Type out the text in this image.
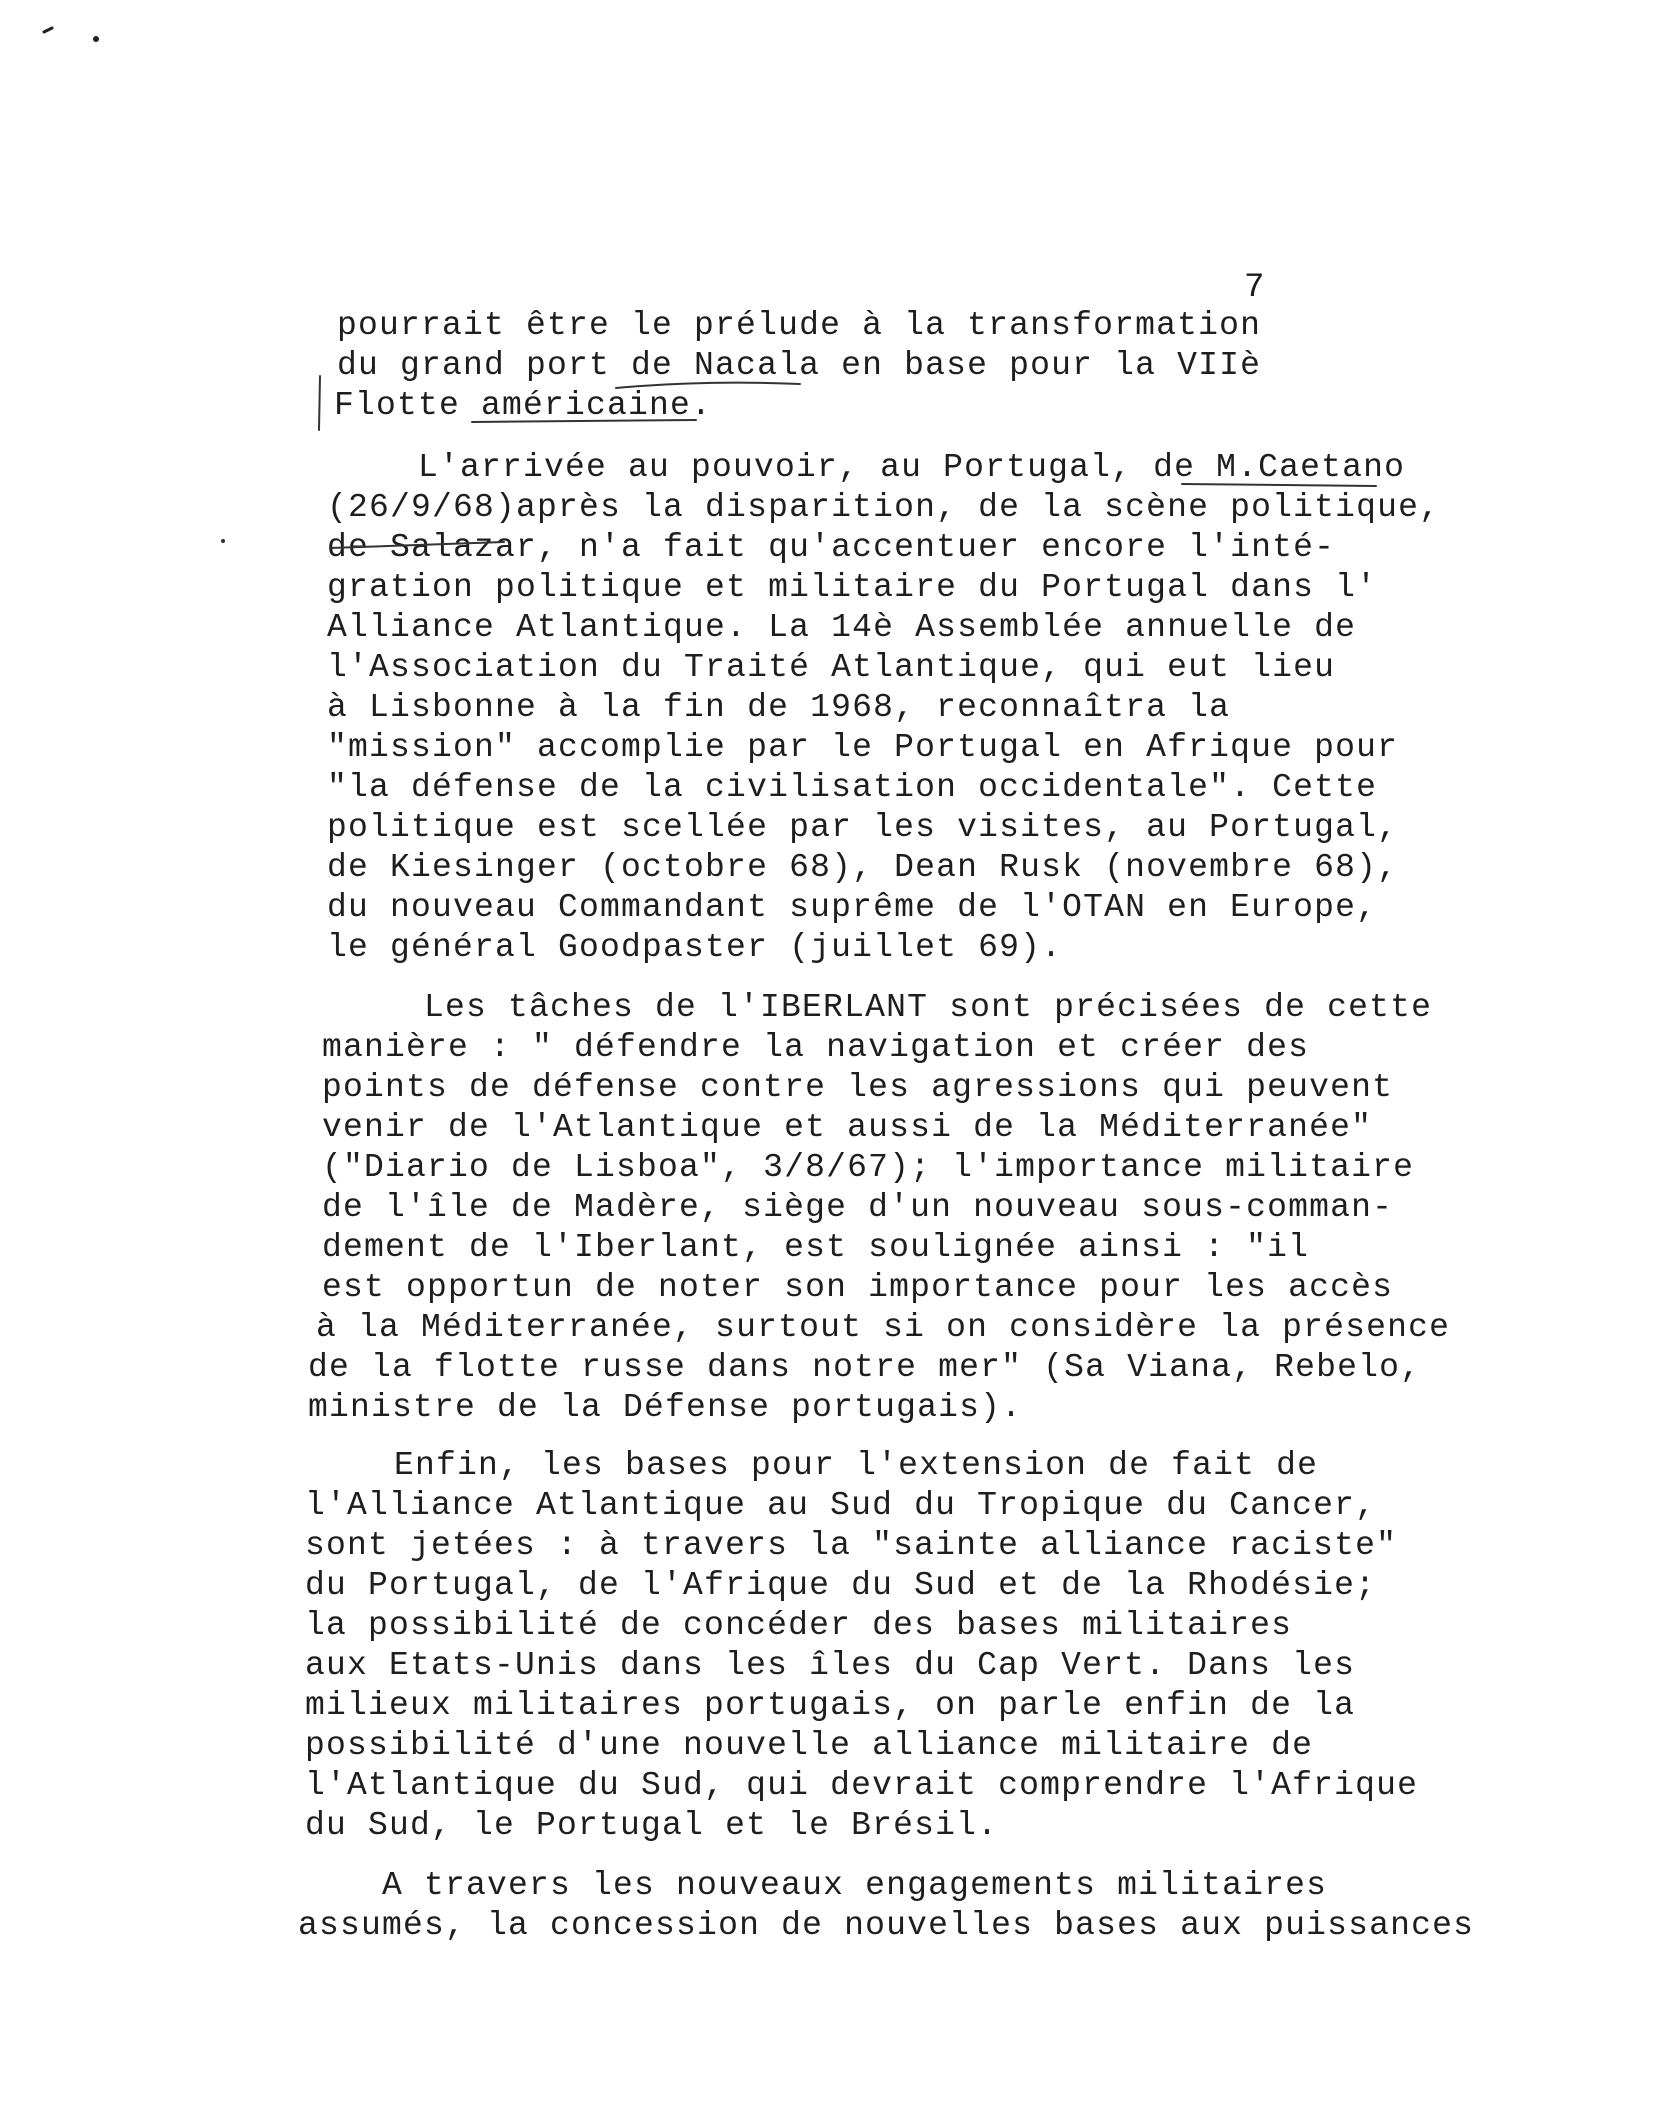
7
pourrait être le prélude à la transformation
du grand port de Nacala en base pour la VIIè
Flotte américaine.
L'arrivée au pouvoir, au Portugal, de M.Caetano
(26/9/68)après la disparition, de la scène politique,
de Salazar, n'a fait qu'accentuer encore l'inté-
gration politique et militaire du Portugal dans l'
Alliance Atlantique. La 14è Assemblée annuelle de
l'Association du Traité Atlantique, qui eut lieu
à Lisbonne à la fin de 1968, reconnaîtra la
"mission" accomplie par le Portugal en Afrique pour
"la défense de la civilisation occidentale". Cette
politique est scellée par les visites, au Portugal,
de Kiesinger (octobre 68), Dean Rusk (novembre 68),
du nouveau Commandant suprême de l'OTAN en Europe,
le général Goodpaster (juillet 69).
Les tâches de l'IBERLANT sont précisées de cette
manière : " défendre la navigation et créer des
points de défense contre les agressions qui peuvent
venir de l'Atlantique et aussi de la Méditerranée"
("Diario de Lisboa", 3/8/67); l'importance militaire
de l'île de Madère, siège d'un nouveau sous-comman-
dement de l'Iberlant, est soulignée ainsi : "il
est opportun de noter son importance pour les accès
à la Méditerranée, surtout si on considère la présence
de la flotte russe dans notre mer" (Sa Viana, Rebelo,
ministre de la Défense portugais).
Enfin, les bases pour l'extension de fait de
l'Alliance Atlantique au Sud du Tropique du Cancer,
sont jetées : à travers la "sainte alliance raciste"
du Portugal, de l'Afrique du Sud et de la Rhodésie;
la possibilité de concéder des bases militaires
aux Etats-Unis dans les îles du Cap Vert. Dans les
milieux militaires portugais, on parle enfin de la
possibilité d'une nouvelle alliance militaire de
l'Atlantique du Sud, qui devrait comprendre l'Afrique
du Sud, le Portugal et le Brésil.
A travers les nouveaux engagements militaires
assumés, la concession de nouvelles bases aux puissances
